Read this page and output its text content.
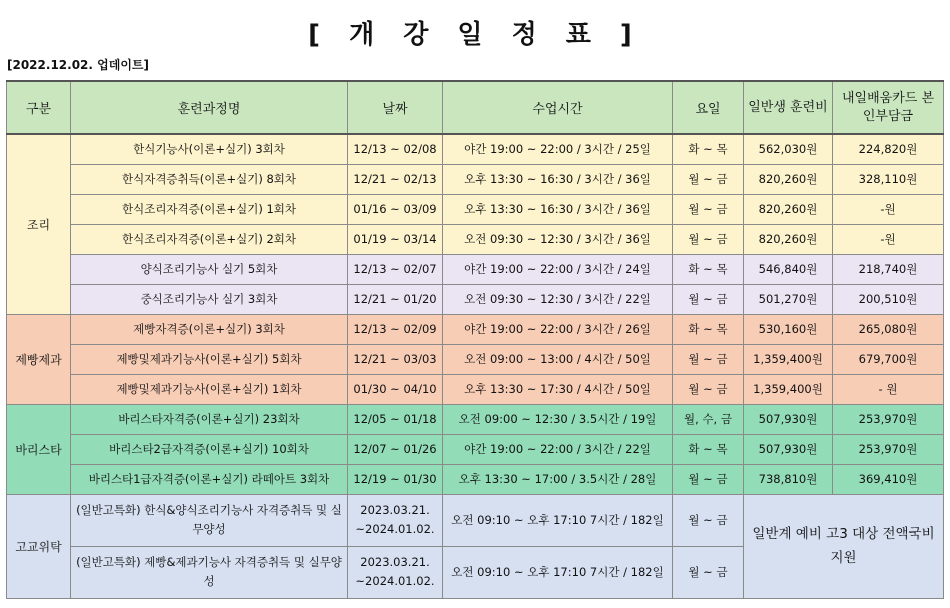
[ 개 강 일 정 표 ]
[2022.12.02. 업데이트]
구분	훈련과정명	날짜	수업시간	요일	일반생 훈련비	내일배움카드 본인부담금
조리	한식기능사(이론+실기) 3회차	12/13 ~ 02/08	야간 19:00 ~ 22:00 / 3시간 / 25일	화 ~ 목	562,030원	224,820원
	한식자격증취득(이론+실기) 8회차	12/21 ~ 02/13	오후 13:30 ~ 16:30 / 3시간 / 36일	월 ~ 금	820,260원	328,110원
	한식조리자격증(이론+실기) 1회차	01/16 ~ 03/09	오후 13:30 ~ 16:30 / 3시간 / 36일	월 ~ 금	820,260원	-원
	한식조리자격증(이론+실기) 2회차	01/19 ~ 03/14	오전 09:30 ~ 12:30 / 3시간 / 36일	월 ~ 금	820,260원	-원
	양식조리기능사 실기 5회차	12/13 ~ 02/07	야간 19:00 ~ 22:00 / 3시간 / 24일	화 ~ 목	546,840원	218,740원
	중식조리기능사 실기 3회차	12/21 ~ 01/20	오전 09:30 ~ 12:30 / 3시간 / 22일	월 ~ 금	501,270원	200,510원
제빵제과	제빵자격증(이론+실기) 3회차	12/13 ~ 02/09	야간 19:00 ~ 22:00 / 3시간 / 26일	화 ~ 목	530,160원	265,080원
	제빵및제과기능사(이론+실기) 5회차	12/21 ~ 03/03	오전 09:00 ~ 13:00 / 4시간 / 50일	월 ~ 금	1,359,400원	679,700원
	제빵및제과기능사(이론+실기) 1회차	01/30 ~ 04/10	오후 13:30 ~ 17:30 / 4시간 / 50일	월 ~ 금	1,359,400원	- 원
바리스타	바리스타자격증(이론+실기) 23회차	12/05 ~ 01/18	오전 09:00 ~ 12:30 / 3.5시간 / 19일	월, 수, 금	507,930원	253,970원
	바리스타2급자격증(이론+실기) 10회차	12/07 ~ 01/26	야간 19:00 ~ 22:00 / 3시간 / 22일	화 ~ 목	507,930원	253,970원
	바리스타1급자격증(이론+실기) 라떼아트 3회차	12/19 ~ 01/30	오후 13:30 ~ 17:00 / 3.5시간 / 28일	월 ~ 금	738,810원	369,410원
고교위탁	(일반고특화) 한식&양식조리기능사 자격증취득 및 실무양성	2023.03.21. ~2024.01.02.	오전 09:10 ~ 오후 17:10 7시간 / 182일	월 ~ 금	일반계 예비 고3 대상 전액국비지원	
	(일반고특화) 제빵&제과기능사 자격증취득 및 실무양성	2023.03.21. ~2024.01.02.	오전 09:10 ~ 오후 17:10 7시간 / 182일	월 ~ 금		
